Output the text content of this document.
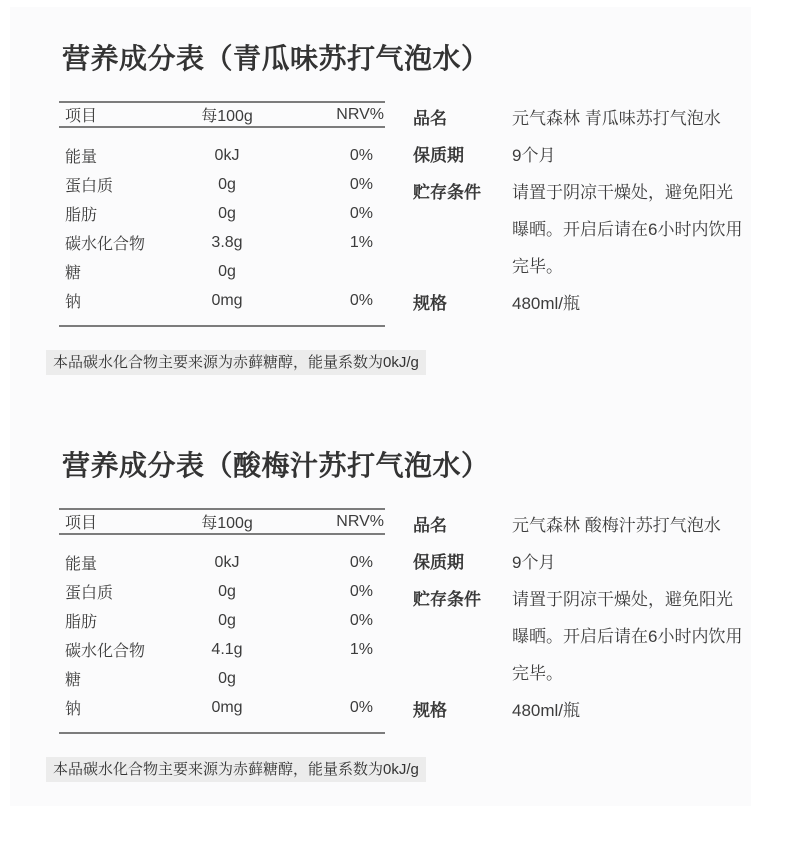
营养成分表（青瓜味苏打气泡水）
项目	每100g	NRV%
能量	0kJ	0%
蛋白质	0g	0%
脂肪	0g	0%
碳水化合物	3.8g	1%
糖	0g
钠	0mg	0%
本品碳水化合物主要来源为赤藓糖醇，能量系数为0kJ/g
品名	元气森林 青瓜味苏打气泡水
保质期	9个月
贮存条件	请置于阴凉干燥处，避免阳光曝晒。开启后请在6小时内饮用完毕。
规格	480ml/瓶
营养成分表（酸梅汁苏打气泡水）
项目	每100g	NRV%
能量	0kJ	0%
蛋白质	0g	0%
脂肪	0g	0%
碳水化合物	4.1g	1%
糖	0g
钠	0mg	0%
本品碳水化合物主要来源为赤藓糖醇，能量系数为0kJ/g
品名	元气森林 酸梅汁苏打气泡水
保质期	9个月
贮存条件	请置于阴凉干燥处，避免阳光曝晒。开启后请在6小时内饮用完毕。
规格	480ml/瓶
